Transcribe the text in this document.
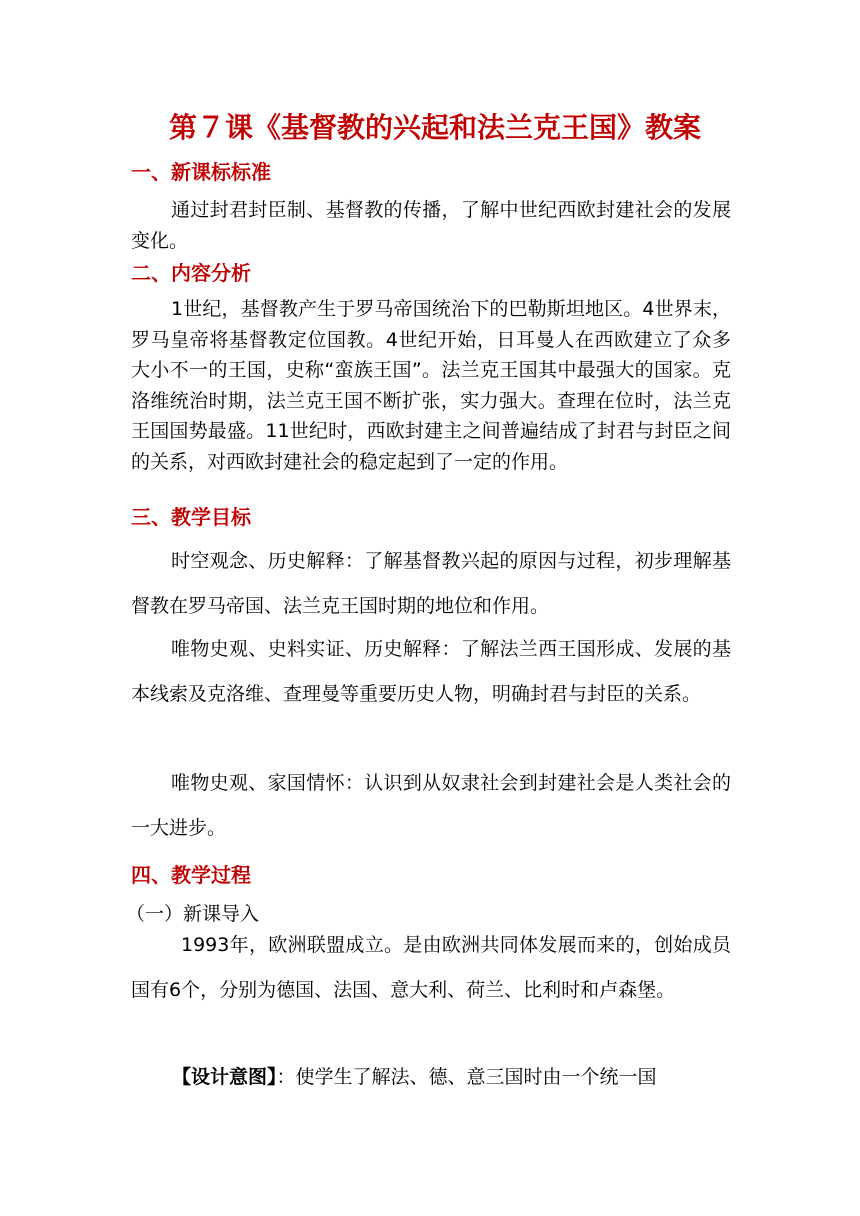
第７课《基督教的兴起和法兰克王国》教案
一、新课标标准

通过封君封臣制、基督教的传播，了解中世纪西欧封建社会的发展变化。

二、内容分析

1世纪，基督教产生于罗马帝国统治下的巴勒斯坦地区。4世界末，罗马皇帝将基督教定位国教。4世纪开始，日耳曼人在西欧建立了众多大小不一的王国，史称“蛮族王国”。法兰克王国其中最强大的国家。克洛维统治时期，法兰克王国不断扩张，实力强大。查理在位时，法兰克王国国势最盛。11世纪时，西欧封建主之间普遍结成了封君与封臣之间的关系，对西欧封建社会的稳定起到了一定的作用。

三、教学目标

时空观念、历史解释：了解基督教兴起的原因与过程，初步理解基督教在罗马帝国、法兰克王国时期的地位和作用。

唯物史观、史料实证、历史解释：了解法兰西王国形成、发展的基本线索及克洛维、查理曼等重要历史人物，明确封君与封臣的关系。

唯物史观、家国情怀：认识到从奴隶社会到封建社会是人类社会的一大进步。

四、教学过程

（一）新课导入

1993年，欧洲联盟成立。是由欧洲共同体发展而来的，创始成员国有6个，分别为德国、法国、意大利、荷兰、比利时和卢森堡。

【设计意图】：使学生了解法、德、意三国时由一个统一国
